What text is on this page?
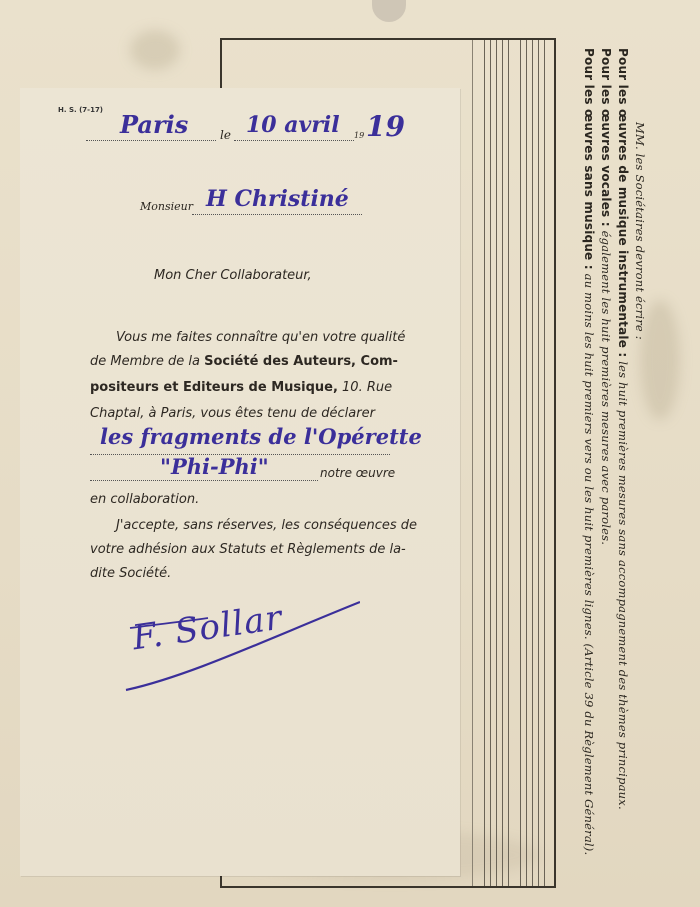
MM. les Sociétaires devront écrire :
Pour les œuvres de musique instrumentale : les huit premières mesures sans accompagnement des thèmes principaux.
Pour les œuvres vocales : également les huit premières mesures avec paroles.
Pour les œuvres sans musique : au moins les huit premiers vers ou les huit premières lignes. (Article 39 du Règlement Général).
H. S. (7-17) Paris	le 10 avril 19 19
Monsieur H Christiné
Mon Cher Collaborateur,
Vous me faites connaître qu'en votre qualité
de Membre de la Société des Auteurs, Com-
positeurs et Editeurs de Musique, 10. Rue
Chaptal, à Paris, vous êtes tenu de déclarer
les fragments de l'Opérette
"Phi-Phi"	notre œuvre
en collaboration.
J'accepte, sans réserves, les conséquences de
votre adhésion aux Statuts et Règlements de la-
dite Société.
F. Sollar
